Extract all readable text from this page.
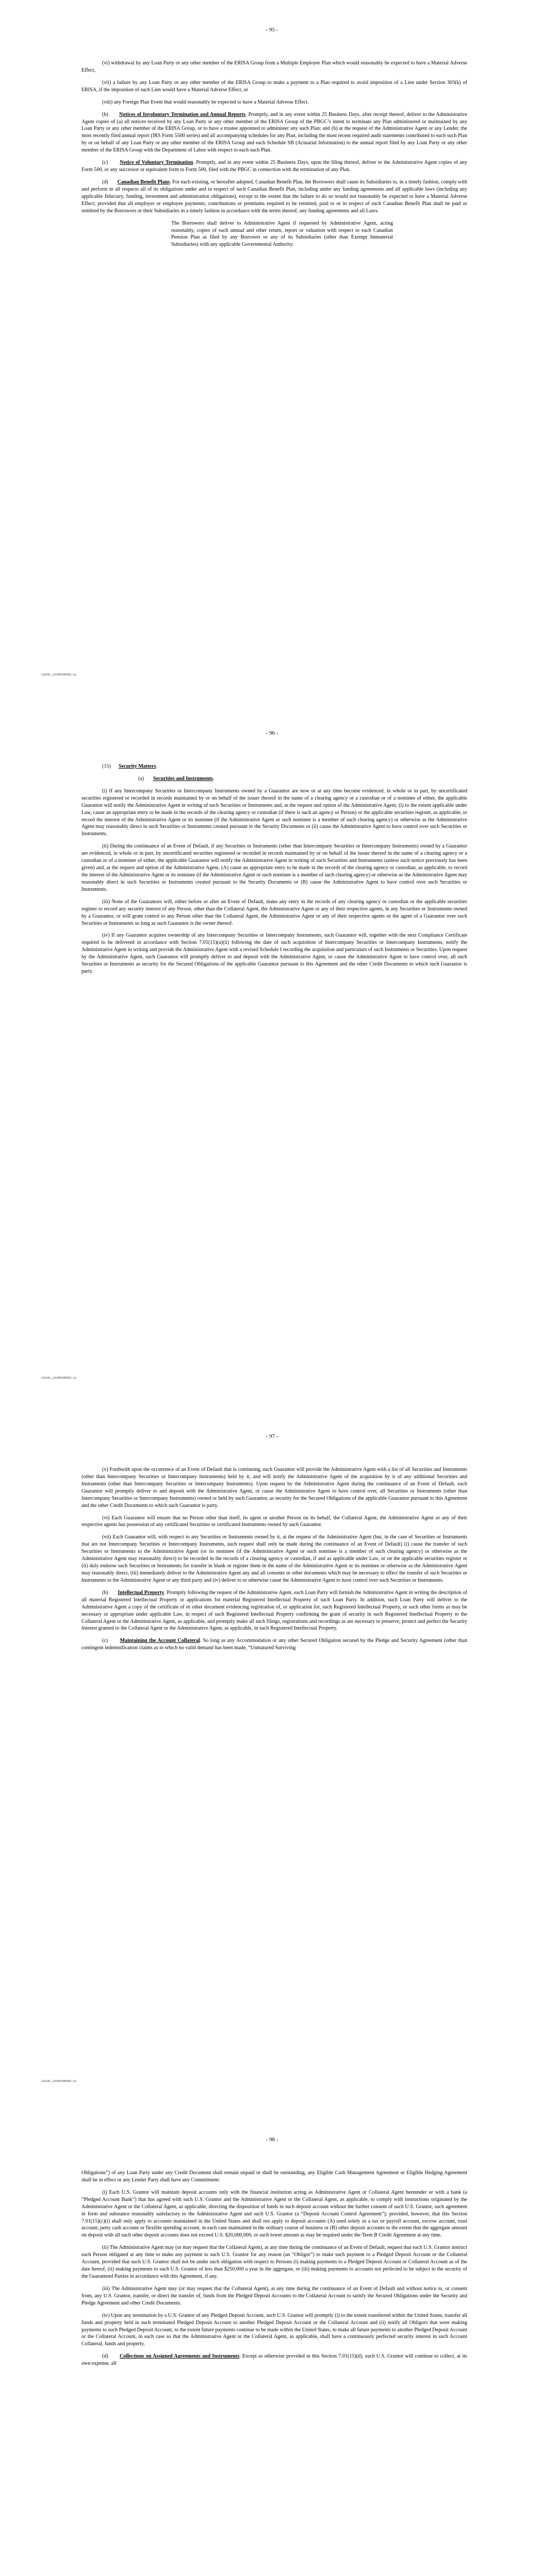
- 95 -

(vi) withdrawal by any Loan Party or any other member of the ERISA Group from a Multiple Employer Plan which would reasonably be expected to have a Material Adverse Effect,

(vii) a failure by any Loan Party or any other member of the ERISA Group to make a payment to a Plan required to avoid imposition of a Lien under Section 303(k) of ERISA, if the imposition of such Lien would have a Material Adverse Effect, or

(viii) any Foreign Plan Event that would reasonably be expected to have a Material Adverse Effect.

(b)       Notices of Involuntary Termination and Annual Reports. Promptly, and in any event within 25 Business Days, after receipt thereof, deliver to the Administrative Agent copies of (a) all notices received by any Loan Party or any other member of the ERISA Group of the PBGC’s intent to terminate any Plan administered or maintained by any Loan Party or any other member of the ERISA Group, or to have a trustee appointed to administer any such Plan; and (b) at the request of the Administrative Agent or any Lender, the most recently filed annual report (IRS Form 5500 series) and all accompanying schedules for any Plan, including the most recent required audit statements contributed to each such Plan by or on behalf of any Loan Party or any other member of the ERISA Group and each Schedule SB (Actuarial Information) to the annual report filed by any Loan Party or any other member of the ERISA Group with the Department of Labor with respect to each such Plan.

(c)       Notice of Voluntary Termination. Promptly, and in any event within 25 Business Days, upon the filing thereof, deliver to the Administrative Agent copies of any Form 500, or any successor or equivalent form to Form 500, filed with the PBGC in connection with the termination of any Plan.

(d)       Canadian Benefit Plans. For each existing, or hereafter adopted, Canadian Benefit Plan, the Borrowers shall cause its Subsidiaries to, in a timely fashion, comply with and perform in all respects all of its obligations under and in respect of such Canadian Benefit Plan, including under any funding agreements and all applicable laws (including any applicable fiduciary, funding, investment and administration obligations), except to the extent that the failure to do so would not reasonably be expected to have a Material Adverse Effect; provided that all employer or employee payments, contributions or premiums required to be remitted, paid to or in respect of each Canadian Benefit Plan shall be paid or remitted by the Borrowers or their Subsidiaries in a timely fashion in accordance with the terms thereof, any funding agreements and all Laws.

The Borrowers shall deliver to Administrative Agent if requested by Administrative Agent, acting reasonably, copies of each annual and other return, report or valuation with respect to each Canadian Pension Plan as filed by any Borrower or any of its Subsidiaries (other than Exempt Immaterial Subsidiaries) with any applicable Governmental Authority.

LEGAL_US#85088981 (s)
- 96 -

(15)      Security Matters.

(a)       Securities and Instruments.

(i) If any Intercompany Securities or Intercompany Instruments owned by a Guarantor are now or at any time become evidenced, in whole or in part, by uncertificated securities registered or recorded in records maintained by or on behalf of the issuer thereof in the name of a clearing agency or a custodian or of a nominee of either, the applicable Guarantor will notify the Administrative Agent in writing of such Securities or Instruments and, at the request and option of the Administrative Agent, (i) to the extent applicable under Law, cause an appropriate entry to be made in the records of the clearing agency or custodian (if there is such an agency or Person) or the applicable securities register, as applicable, to record the interest of the Administrative Agent or its nominee (if the Administrative Agent or such nominee is a member of such clearing agency) or otherwise as the Administrative Agent may reasonably direct in such Securities or Instruments created pursuant to the Security Documents or (ii) cause the Administrative Agent to have control over such Securities or Instruments.

(ii) During the continuance of an Event of Default, if any Securities or Instruments (other than Intercompany Securities or Intercompany Instruments) owned by a Guarantor are evidenced, in whole or in part, by uncertificated securities registered or recorded in records maintained by or on behalf of the issuer thereof in the name of a clearing agency or a custodian or of a nominee of either, the applicable Guarantor will notify the Administrative Agent in writing of such Securities and Instruments (unless such notice previously has been given) and, at the request and option of the Administrative Agent, (A) cause an appropriate entry to be made in the records of the clearing agency or custodian, as applicable, to record the interest of the Administrative Agent or its nominee (if the Administrative Agent or such nominee is a member of such clearing agency) or otherwise as the Administrative Agent may reasonably direct in such Securities or Instruments created pursuant to the Security Documents or (B) cause the Administrative Agent to have control over such Securities or Instruments.

(iii) None of the Guarantors will, either before or after an Event of Default, make any entry in the records of any clearing agency or custodian or the applicable securities register to record any security interest of any Person, other than the Collateral Agent, the Administrative Agent or any of their respective agents, in any Securities or Instruments owned by a Guarantor, or will grant control to any Person other than the Collateral Agent, the Administrative Agent or any of their respective agents or the agent of a Guarantor over such Securities or Instruments so long as such Guarantor is the owner thereof.

(iv) If any Guarantor acquires ownership of any Intercompany Securities or Intercompany Instruments, such Guarantor will, together with the next Compliance Certificate required to be delivered in accordance with Section 7.01(15)(a)(ii) following the date of such acquisition of Intercompany Securities or Intercompany Instruments, notify the Administrative Agent in writing and provide the Administrative Agent with a revised Schedule I recording the acquisition and particulars of such Instruments or Securities. Upon request by the Administrative Agent, such Guarantor will promptly deliver to and deposit with the Administrative Agent, or cause the Administrative Agent to have control over, all such Securities or Instruments as security for the Secured Obligations of the applicable Guarantor pursuant to this Agreement and the other Credit Documents to which such Guarantor is party.

LEGAL_US#85088981 (s)
- 97 -

(v) Forthwith upon the occurrence of an Event of Default that is continuing, each Guarantor will provide the Administrative Agent with a list of all Securities and Instruments (other than Intercompany Securities or Intercompany Instruments) held by it, and will notify the Administrative Agent of the acquisition by it of any additional Securities and Instruments (other than Intercompany Securities or Intercompany Instruments). Upon request by the Administrative Agent during the continuance of an Event of Default, each Guarantor will promptly deliver to and deposit with the Administrative Agent, or cause the Administrative Agent to have control over, all Securities or Instruments (other than Intercompany Securities or Intercompany Instruments) owned or held by such Guarantor, as security for the Secured Obligations of the applicable Guarantor pursuant to this Agreement and the other Credit Documents to which such Guarantor is party.

(vi) Each Guarantor will ensure that no Person other than itself, its agent or another Person on its behalf, the Collateral Agent, the Administrative Agent or any of their respective agents has possession of any certificated Securities or certificated Instruments owned by such Guarantor.

(vii) Each Guarantor will, with respect to any Securities or Instruments owned by it, at the request of the Administrative Agent (but, in the case of Securities or Instruments that are not Intercompany Securities or Intercompany Instruments, such request shall only be made during the continuance of an Event of Default) (i) cause the transfer of such Securities or Instruments to the Administrative Agent (or its nominee (if the Administrative Agent or such nominee is a member of such clearing agency) or otherwise as the Administrative Agent may reasonably direct) to be recorded in the records of a clearing agency or custodian, if and as applicable under Law, or on the applicable securities register or (ii) duly endorse such Securities or Instruments for transfer in blank or register them in the name of the Administrative Agent or its nominee or otherwise as the Administrative Agent may reasonably direct, (iii) immediately deliver to the Administrative Agent any and all consents or other documents which may be necessary to effect the transfer of such Securities or Instruments to the Administrative Agent or any third party and (iv) deliver to or otherwise cause the Administrative Agent to have control over such Securities or Instruments.

(b)       Intellectual Property. Promptly following the request of the Administrative Agent, each Loan Party will furnish the Administrative Agent in writing the description of all material Registered Intellectual Property or applications for material Registered Intellectual Property of such Loan Party. In addition, such Loan Party will deliver to the Administrative Agent a copy of the certificate of or other document evidencing registration of, or application for, such Registered Intellectual Property, or such other forms as may be necessary or appropriate under applicable Law, in respect of such Registered Intellectual Property confirming the grant of security in such Registered Intellectual Property to the Collateral Agent or the Administrative Agent, as applicable, and promptly make all such filings, registrations and recordings as are necessary to preserve, protect and perfect the Security Interest granted to the Collateral Agent or the Administrative Agent, as applicable, in such Registered Intellectual Property.

(c)       Maintaining the Account Collateral. So long as any Accommodation or any other Secured Obligation secured by the Pledge and Security Agreement (other than contingent indemnification claims as to which no valid demand has been made, “Unmatured Surviving

LEGAL_US#85088981 (s)
- 98 -

Obligations”) of any Loan Party under any Credit Document shall remain unpaid or shall be outstanding, any Eligible Cash Management Agreement or Eligible Hedging Agreement shall be in effect or any Lender Party shall have any Commitment:

(i) Each U.S. Grantor will maintain deposit accounts only with the financial institution acting as Administrative Agent or Collateral Agent hereunder or with a bank (a “Pledged Account Bank”) that has agreed with such U.S. Grantor and the Administrative Agent or the Collateral Agent, as applicable, to comply with instructions originated by the Administrative Agent or the Collateral Agent, as applicable, directing the disposition of funds in such deposit account without the further consent of such U.S. Grantor, such agreement in form and substance reasonably satisfactory to the Administrative Agent and such U.S. Grantor (a “Deposit Account Control Agreement”); provided, however, that this Section 7.01(15)(c)(i) shall only apply to accounts maintained in the United States and shall not apply to deposit accounts (A) used solely as a tax or payroll account, escrow account, trust account, petty cash account or flexible spending account, in each case maintained in the ordinary course of business or (B) other deposit accounts to the extent that the aggregate amount on deposit with all such other deposit accounts does not exceed U.S. $20,000,000, or such lower amount as may be required under the Term B Credit Agreement at any time.

(ii) The Administrative Agent may (or may request that the Collateral Agent), at any time during the continuance of an Event of Default, request that each U.S. Grantor instruct each Person obligated at any time to make any payment to such U.S. Grantor for any reason (an “Obligor”) to make such payment to a Pledged Deposit Account or the Collateral Account, provided that such U.S. Grantor shall not be under such obligation with respect to Persons (i) making payments to a Pledged Deposit Account or Collateral Account as of the date hereof, (ii) making payments to such U.S. Grantor of less than $250,000 a year in the aggregate, or (iii) making payments to accounts not perfected to be subject to the security of the Guaranteed Parties in accordance with this Agreement, if any.

(iii) The Administrative Agent may (or may request that the Collateral Agent), at any time during the continuance of an Event of Default and without notice to, or consent from, any U.S. Grantor, transfer, or direct the transfer of, funds from the Pledged Deposit Accounts to the Collateral Account to satisfy the Secured Obligations under the Security and Pledge Agreement and other Credit Documents.

(iv) Upon any termination by a U.S. Grantor of any Pledged Deposit Account, such U.S. Grantor will promptly (i) to the extent transferred within the United States, transfer all funds and property held in such terminated Pledged Deposit Account to another Pledged Deposit Account or the Collateral Account and (ii) notify all Obligors that were making payments to such Pledged Deposit Account, to the extent future payments continue to be made within the United States, to make all future payments to another Pledged Deposit Account or the Collateral Account, in each case so that the Administrative Agent or the Collateral Agent, as applicable, shall have a continuously perfected security interest in such Account Collateral, funds and property.

(d)       Collections on Assigned Agreements and Instruments. Except as otherwise provided in this Section 7.01(15)(d), each U.S. Grantor will continue to collect, at its own expense, all
